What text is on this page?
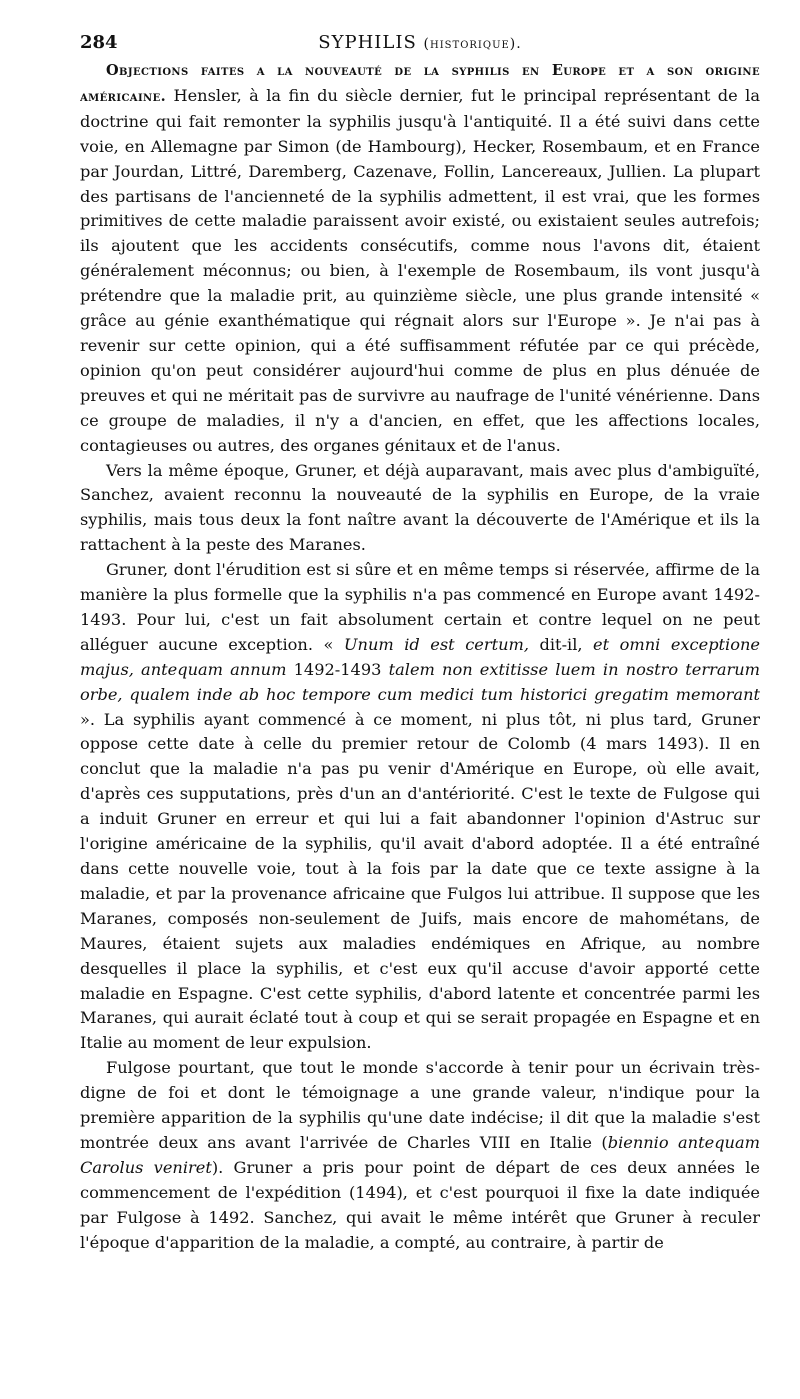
284	SYPHILIS (historique).

Objections faites a la nouveauté de la syphilis en Europe et a son origine américaine. Hensler, à la fin du siècle dernier, fut le principal représentant de la doctrine qui fait remonter la syphilis jusqu'à l'antiquité. Il a été suivi dans cette voie, en Allemagne par Simon (de Hambourg), Hecker, Rosembaum, et en France par Jourdan, Littré, Daremberg, Cazenave, Follin, Lancereaux, Jullien. La plupart des partisans de l'ancienneté de la syphilis admettent, il est vrai, que les formes primitives de cette maladie paraissent avoir existé, ou existaient seules autrefois; ils ajoutent que les accidents consécutifs, comme nous l'avons dit, étaient généralement méconnus; ou bien, à l'exemple de Rosembaum, ils vont jusqu'à prétendre que la maladie prit, au quinzième siècle, une plus grande intensité « grâce au génie exanthématique qui régnait alors sur l'Europe ». Je n'ai pas à revenir sur cette opinion, qui a été suffisamment réfutée par ce qui précède, opinion qu'on peut considérer aujourd'hui comme de plus en plus dénuée de preuves et qui ne méritait pas de survivre au naufrage de l'unité vénérienne. Dans ce groupe de maladies, il n'y a d'ancien, en effet, que les affections locales, contagieuses ou autres, des organes génitaux et de l'anus.

Vers la même époque, Gruner, et déjà auparavant, mais avec plus d'ambiguïté, Sanchez, avaient reconnu la nouveauté de la syphilis en Europe, de la vraie syphilis, mais tous deux la font naître avant la découverte de l'Amérique et ils la rattachent à la peste des Maranes.

Gruner, dont l'érudition est si sûre et en même temps si réservée, affirme de la manière la plus formelle que la syphilis n'a pas commencé en Europe avant 1492-1493. Pour lui, c'est un fait absolument certain et contre lequel on ne peut alléguer aucune exception. « Unum id est certum, dit-il, et omni exceptione majus, antequam annum 1492-1493 talem non extitisse luem in nostro terrarum orbe, qualem inde ab hoc tempore cum medici tum historici gregatim memorant ». La syphilis ayant commencé à ce moment, ni plus tôt, ni plus tard, Gruner oppose cette date à celle du premier retour de Colomb (4 mars 1493). Il en conclut que la maladie n'a pas pu venir d'Amérique en Europe, où elle avait, d'après ces supputations, près d'un an d'antériorité. C'est le texte de Fulgose qui a induit Gruner en erreur et qui lui a fait abandonner l'opinion d'Astruc sur l'origine américaine de la syphilis, qu'il avait d'abord adoptée. Il a été entraîné dans cette nouvelle voie, tout à la fois par la date que ce texte assigne à la maladie, et par la provenance africaine que Fulgos lui attribue. Il suppose que les Maranes, composés non-seulement de Juifs, mais encore de mahométans, de Maures, étaient sujets aux maladies endémiques en Afrique, au nombre desquelles il place la syphilis, et c'est eux qu'il accuse d'avoir apporté cette maladie en Espagne. C'est cette syphilis, d'abord latente et concentrée parmi les Maranes, qui aurait éclaté tout à coup et qui se serait propagée en Espagne et en Italie au moment de leur expulsion.

Fulgose pourtant, que tout le monde s'accorde à tenir pour un écrivain très-digne de foi et dont le témoignage a une grande valeur, n'indique pour la première apparition de la syphilis qu'une date indécise; il dit que la maladie s'est montrée deux ans avant l'arrivée de Charles VIII en Italie (biennio antequam Carolus veniret). Gruner a pris pour point de départ de ces deux années le commencement de l'expédition (1494), et c'est pourquoi il fixe la date indiquée par Fulgose à 1492. Sanchez, qui avait le même intérêt que Gruner à reculer l'époque d'apparition de la maladie, a compté, au contraire, à partir de
